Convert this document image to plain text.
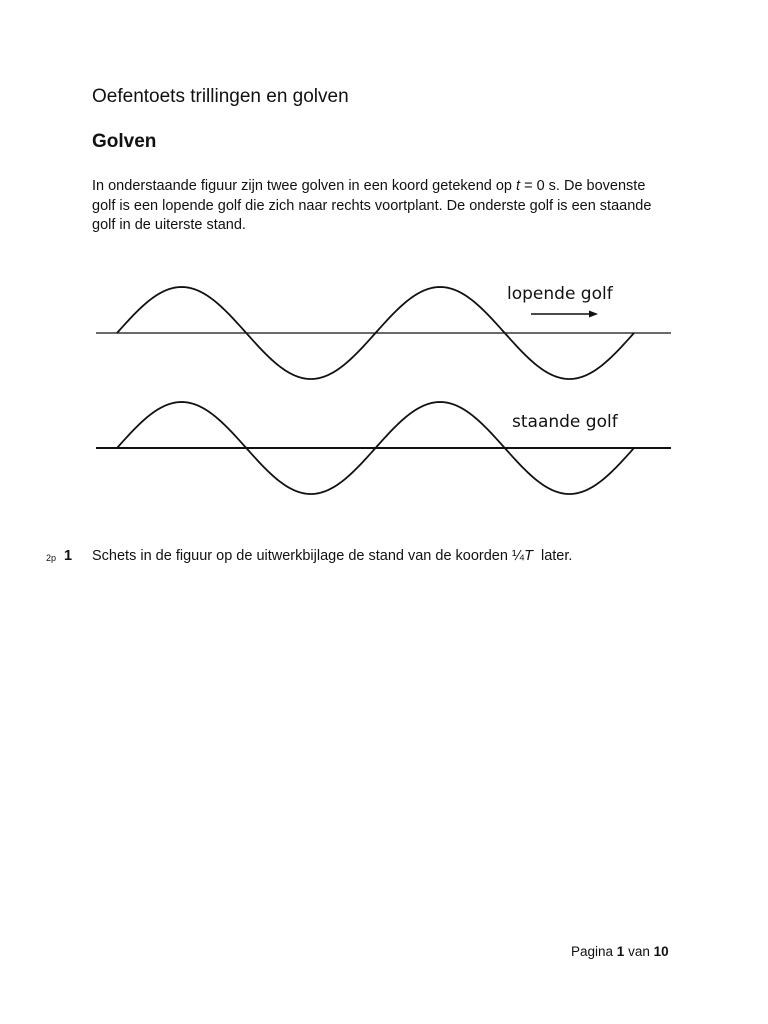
Oefentoets trillingen en golven
Golven

In onderstaande figuur zijn twee golven in een koord getekend op t = 0 s. De bovenste golf is een lopende golf die zich naar rechts voortplant. De onderste golf is een staande golf in de uiterste stand.

lopende golf
staande golf
2p 1 Schets in de figuur op de uitwerkbijlage de stand van de koorden ¼T  later.
Pagina 1 van 10
